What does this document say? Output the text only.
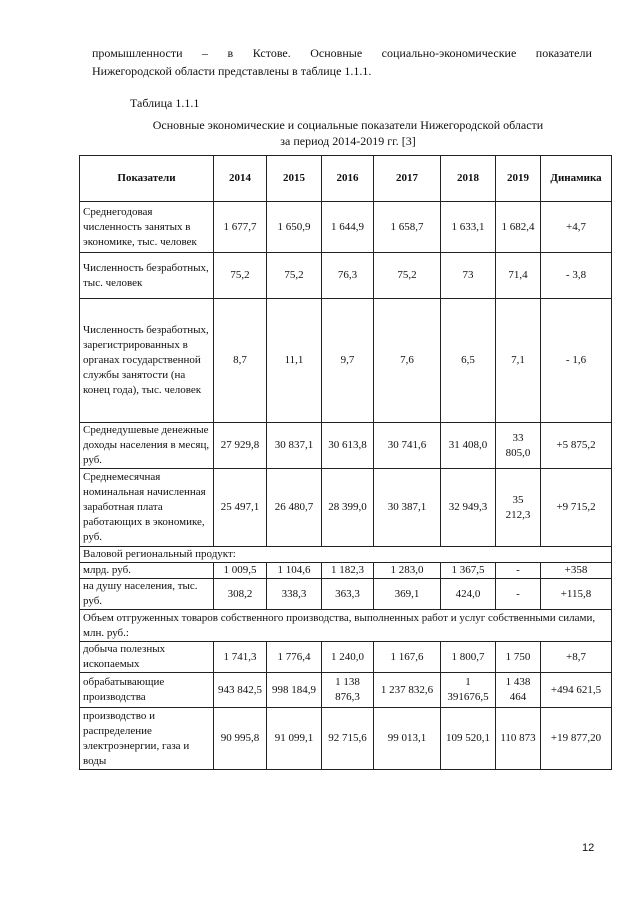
промышленности – в Кстове. Основные социально-экономические показатели
Нижегородской области представлены в таблице 1.1.1.
Таблица 1.1.1
Основные экономические и социальные показатели Нижегородской области
за период 2014-2019 гг. [3]
Показатели	2014	2015	2016	2017	2018	2019	Динамика
Среднегодовая численность занятых в экономике, тыс. человек	1 677,7	1 650,9	1 644,9	1 658,7	1 633,1	1 682,4	+4,7
Численность безработных, тыс. человек	75,2	75,2	76,3	75,2	73	71,4	- 3,8
Численность безработных, зарегистрированных в органах государственной службы занятости (на конец года), тыс. человек	8,7	11,1	9,7	7,6	6,5	7,1	- 1,6
Среднедушевые денежные доходы населения в месяц, руб.	27 929,8	30 837,1	30 613,8	30 741,6	31 408,0	33 805,0	+5 875,2
Среднемесячная номинальная начисленная заработная плата работающих в экономике, руб.	25 497,1	26 480,7	28 399,0	30 387,1	32 949,3	35 212,3	+9 715,2
Валовой региональный продукт:							
млрд. руб.	1 009,5	1 104,6	1 182,3	1 283,0	1 367,5	-	+358
на душу населения, тыс. руб.	308,2	338,3	363,3	369,1	424,0	-	+115,8
Объем отгруженных товаров собственного производства, выполненных работ и услуг собственными силами, млн. руб.:							
добыча полезных ископаемых	1 741,3	1 776,4	1 240,0	1 167,6	1 800,7	1 750	+8,7
обрабатывающие производства	943 842,5	998 184,9	1 138 876,3	1 237 832,6	1 391676,5	1 438 464	+494 621,5
производство и распределение электроэнергии, газа и воды	90 995,8	91 099,1	92 715,6	99 013,1	109 520,1	110 873	+19 877,20
12
